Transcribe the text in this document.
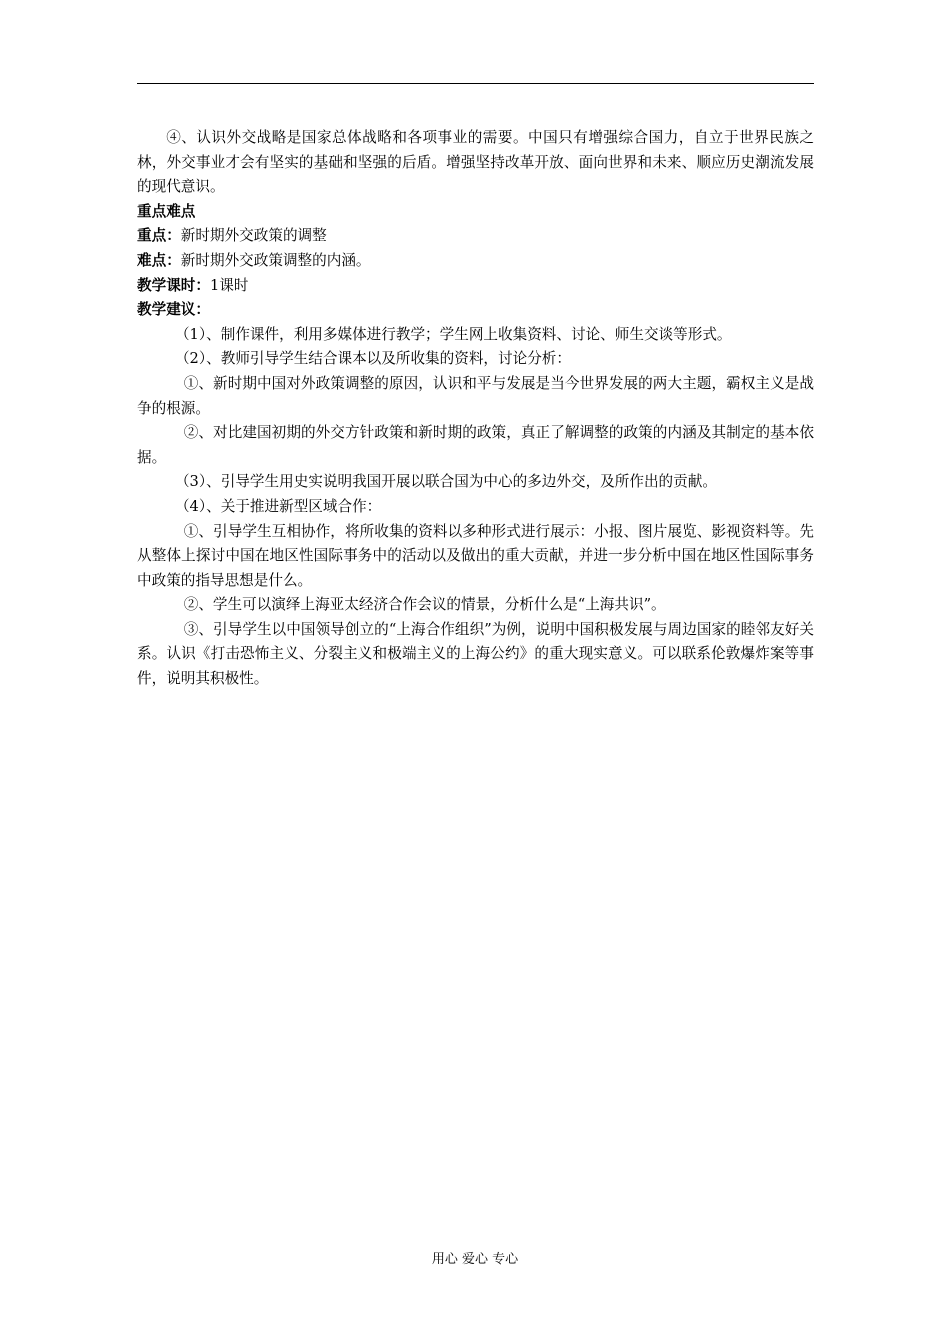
④、认识外交战略是国家总体战略和各项事业的需要。中国只有增强综合国力，自立于世界民族之林，外交事业才会有坚实的基础和坚强的后盾。增强坚持改革开放、面向世界和未来、顺应历史潮流发展的现代意识。

重点难点

重点：新时期外交政策的调整

难点：新时期外交政策调整的内涵。

教学课时：1课时

教学建议：

（1）、制作课件，利用多媒体进行教学；学生网上收集资料、讨论、师生交谈等形式。

（2）、教师引导学生结合课本以及所收集的资料，讨论分析：

①、新时期中国对外政策调整的原因，认识和平与发展是当今世界发展的两大主题，霸权主义是战争的根源。

②、对比建国初期的外交方针政策和新时期的政策，真正了解调整的政策的内涵及其制定的基本依据。

（3）、引导学生用史实说明我国开展以联合国为中心的多边外交，及所作出的贡献。

（4）、关于推进新型区域合作：

①、引导学生互相协作，将所收集的资料以多种形式进行展示：小报、图片展览、影视资料等。先从整体上探讨中国在地区性国际事务中的活动以及做出的重大贡献，并进一步分析中国在地区性国际事务中政策的指导思想是什么。

②、学生可以演绎上海亚太经济合作会议的情景，分析什么是“上海共识”。

③、引导学生以中国领导创立的“上海合作组织”为例，说明中国积极发展与周边国家的睦邻友好关系。认识《打击恐怖主义、分裂主义和极端主义的上海公约》的重大现实意义。可以联系伦敦爆炸案等事件，说明其积极性。

用心 爱心 专心
